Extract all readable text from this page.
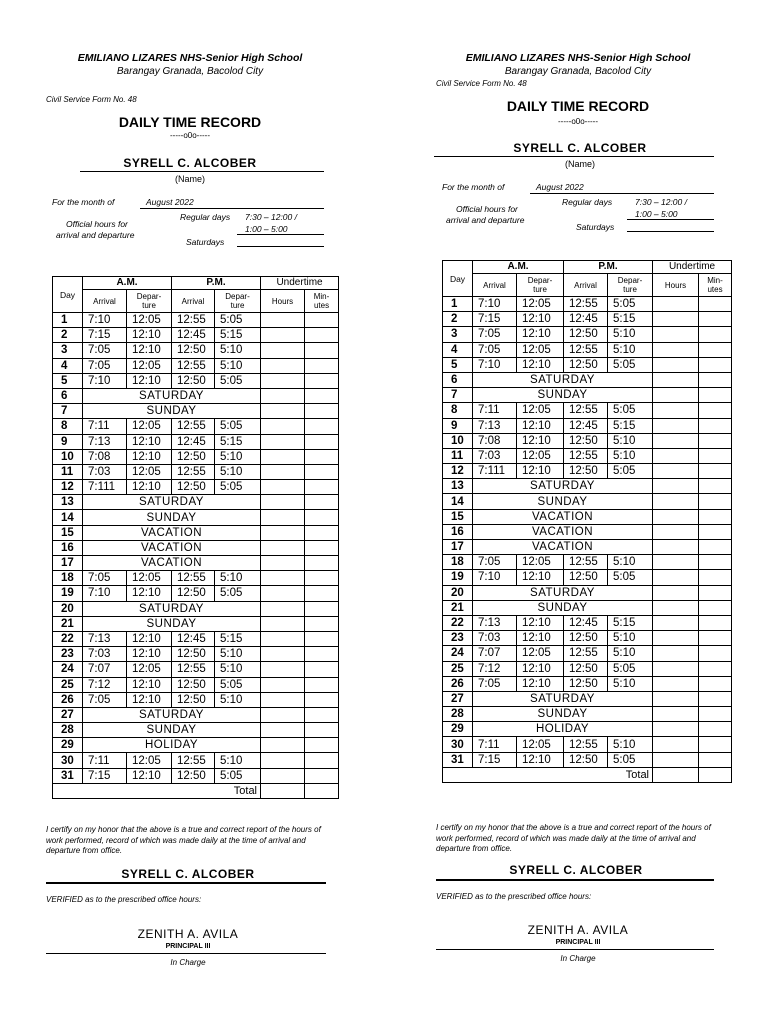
EMILIANO LIZARES NHS-Senior High School
Barangay Granada, Bacolod City
Civil Service Form No. 48
DAILY TIME RECORD
-----o0o-----
SYRELL C. ALCOBER
(Name)
For the month of	August 2022
Regular days 7:30 – 12:00 /
1:00 – 5:00
Official hours for
arrival and departure
Saturdays
Day	A.M.		P.M.		Undertime	
	Arrival	Depar-
ture	Arrival	Depar-
ture	Hours	Min-
utes
1	7:10	12:05	12:55	5:05		
2	7:15	12:10	12:45	5:15		
3	7:05	12:10	12:50	5:10		
4	7:05	12:05	12:55	5:10		
5	7:10	12:10	12:50	5:05		
6	SATURDAY					
7	SUNDAY					
8	7:11	12:05	12:55	5:05		
9	7:13	12:10	12:45	5:15		
10	7:08	12:10	12:50	5:10		
11	7:03	12:05	12:55	5:10		
12	7:111	12:10	12:50	5:05		
13	SATURDAY					
14	SUNDAY					
15	VACATION					
16	VACATION					
17	VACATION					
18	7:05	12:05	12:55	5:10		
19	7:10	12:10	12:50	5:05		
20	SATURDAY					
21	SUNDAY					
22	7:13	12:10	12:45	5:15		
23	7:03	12:10	12:50	5:10		
24	7:07	12:05	12:55	5:10		
25	7:12	12:10	12:50	5:05		
26	7:05	12:10	12:50	5:10		
27	SATURDAY					
28	SUNDAY					
29	HOLIDAY					
30	7:11	12:05	12:55	5:10		
31	7:15	12:10	12:50	5:05		
Total						
I certify on my honor that the above is a true and correct report of the hours of work performed, record of which was made daily at the time of arrival and departure from office.
SYRELL C. ALCOBER
VERIFIED as to the prescribed office hours:
ZENITH A. AVILA
PRINCIPAL III
In Charge
EMILIANO LIZARES NHS-Senior High School
Barangay Granada, Bacolod City
Civil Service Form No. 48
DAILY TIME RECORD
-----o0o-----
SYRELL C. ALCOBER
(Name)
For the month of	August 2022
Regular days	7:30 – 12:00 /
1:00 – 5:00
Official hours for
arrival and departure
Saturdays
Day	A.M.		P.M.		Undertime	
	Arrival	Depar-
ture	Arrival	Depar-
ture	Hours	Min-
utes
1	7:10	12:05	12:55	5:05		
2	7:15	12:10	12:45	5:15		
3	7:05	12:10	12:50	5:10		
4	7:05	12:05	12:55	5:10		
5	7:10	12:10	12:50	5:05		
6	SATURDAY					
7	SUNDAY					
8	7:11	12:05	12:55	5:05		
9	7:13	12:10	12:45	5:15		
10	7:08	12:10	12:50	5:10		
11	7:03	12:05	12:55	5:10		
12	7:111	12:10	12:50	5:05		
13	SATURDAY					
14	SUNDAY					
15	VACATION					
16	VACATION					
17	VACATION					
18	7:05	12:05	12:55	5:10		
19	7:10	12:10	12:50	5:05		
20	SATURDAY					
21	SUNDAY					
22	7:13	12:10	12:45	5:15		
23	7:03	12:10	12:50	5:10		
24	7:07	12:05	12:55	5:10		
25	7:12	12:10	12:50	5:05		
26	7:05	12:10	12:50	5:10		
27	SATURDAY					
28	SUNDAY					
29	HOLIDAY					
30	7:11	12:05	12:55	5:10		
31	7:15	12:10	12:50	5:05		
Total						
I certify on my honor that the above is a true and correct report of the hours of work performed, record of which was made daily at the time of arrival and departure from office.
SYRELL C. ALCOBER
VERIFIED as to the prescribed office hours:
ZENITH A. AVILA
PRINCIPAL III
In Charge
